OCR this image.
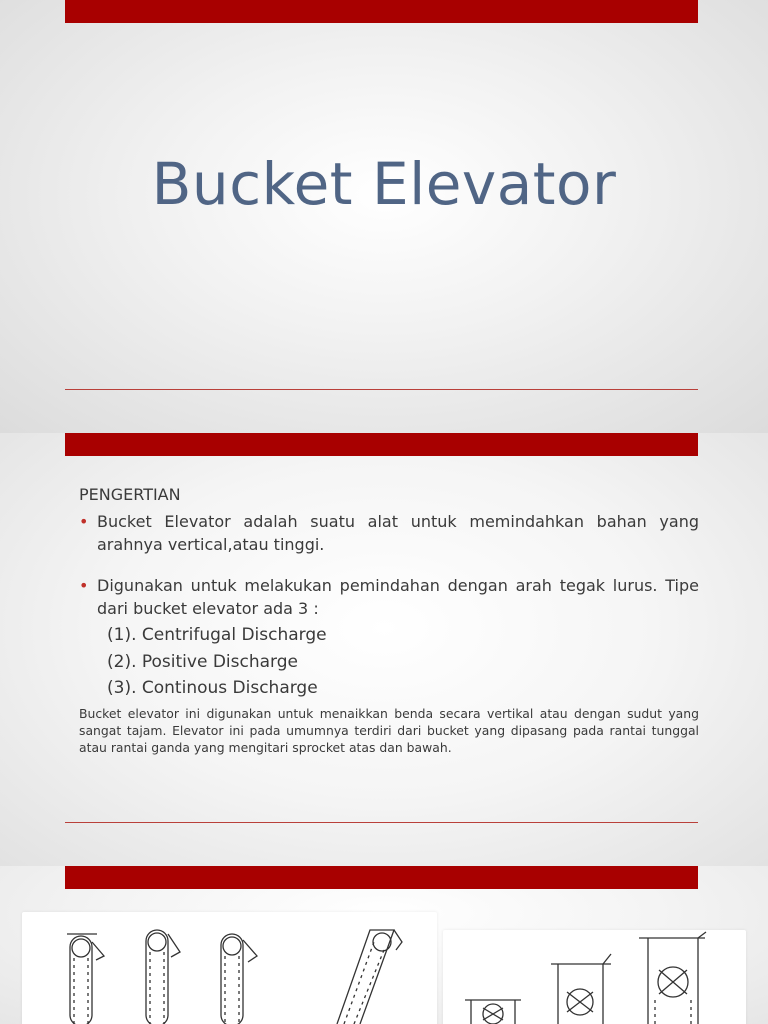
Bucket Elevator

PENGERTIAN

• Bucket Elevator adalah suatu alat untuk memindahkan bahan yang arahnya vertical,atau tinggi.
• Digunakan untuk melakukan pemindahan dengan arah tegak lurus. Tipe dari bucket elevator ada 3 :
(1). Centrifugal Discharge
(2). Positive Discharge
(3). Continous Discharge

Bucket elevator ini digunakan untuk menaikkan benda secara vertikal atau dengan sudut yang sangat tajam. Elevator ini pada umumnya terdiri dari bucket yang dipasang pada rantai tunggal atau rantai ganda yang mengitari sprocket atas dan bawah.
